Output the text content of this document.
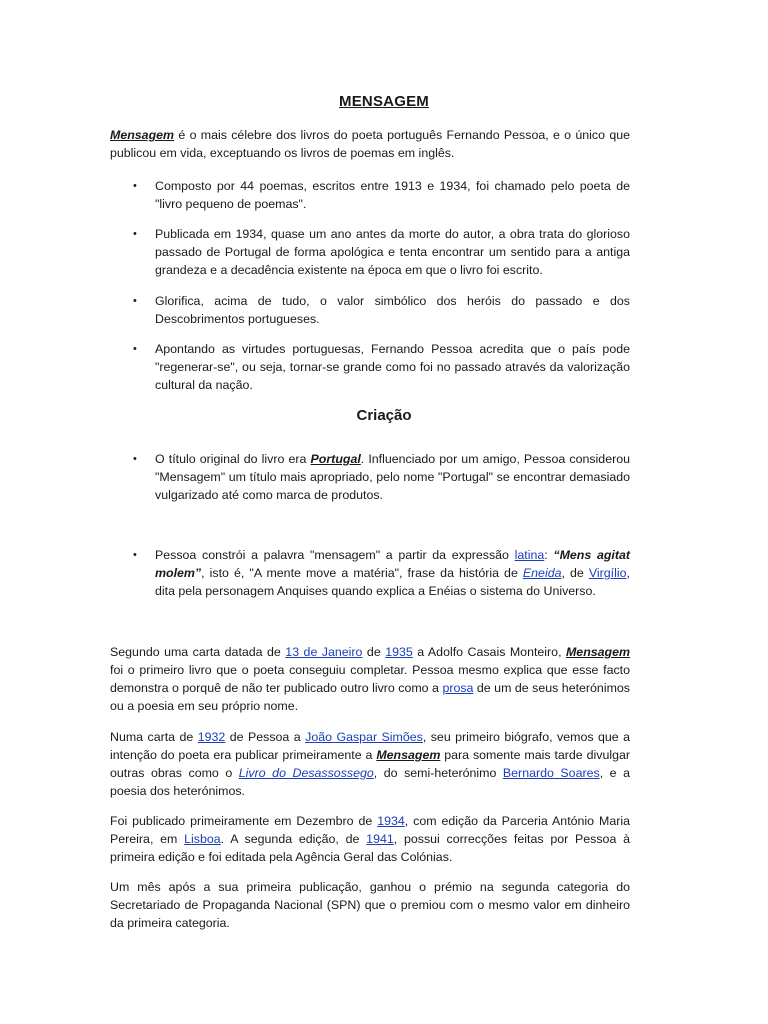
MENSAGEM
Mensagem é o mais célebre dos livros do poeta português Fernando Pessoa, e o único que publicou em vida, exceptuando os livros de poemas em inglês.
• Composto por 44 poemas, escritos entre 1913 e 1934, foi chamado pelo poeta de "livro pequeno de poemas".
• Publicada em 1934, quase um ano antes da morte do autor, a obra trata do glorioso passado de Portugal de forma apológica e tenta encontrar um sentido para a antiga grandeza e a decadência existente na época em que o livro foi escrito.
• Glorifica, acima de tudo, o valor simbólico dos heróis do passado e dos Descobrimentos portugueses.
• Apontando as virtudes portuguesas, Fernando Pessoa acredita que o país pode "regenerar-se", ou seja, tornar-se grande como foi no passado através da valorização cultural da nação.
Criação
• O título original do livro era Portugal. Influenciado por um amigo, Pessoa considerou "Mensagem" um título mais apropriado, pelo nome "Portugal" se encontrar demasiado vulgarizado até como marca de produtos.
• Pessoa constrói a palavra "mensagem" a partir da expressão latina: “Mens agitat molem”, isto é, "A mente move a matéria", frase da história de Eneida, de Virgílio, dita pela personagem Anquises quando explica a Enéias o sistema do Universo.
Segundo uma carta datada de 13 de Janeiro de 1935 a Adolfo Casais Monteiro, Mensagem foi o primeiro livro que o poeta conseguiu completar. Pessoa mesmo explica que esse facto demonstra o porquê de não ter publicado outro livro como a prosa de um de seus heterónimos ou a poesia em seu próprio nome.
Numa carta de 1932 de Pessoa a João Gaspar Simões, seu primeiro biógrafo, vemos que a intenção do poeta era publicar primeiramente a Mensagem para somente mais tarde divulgar outras obras como o Livro do Desassossego, do semi-heterónimo Bernardo Soares, e a poesia dos heterónimos.
Foi publicado primeiramente em Dezembro de 1934, com edição da Parceria António Maria Pereira, em Lisboa. A segunda edição, de 1941, possui correcções feitas por Pessoa à primeira edição e foi editada pela Agência Geral das Colónias.
Um mês após a sua primeira publicação, ganhou o prémio na segunda categoria do Secretariado de Propaganda Nacional (SPN) que o premiou com o mesmo valor em dinheiro da primeira categoria.
